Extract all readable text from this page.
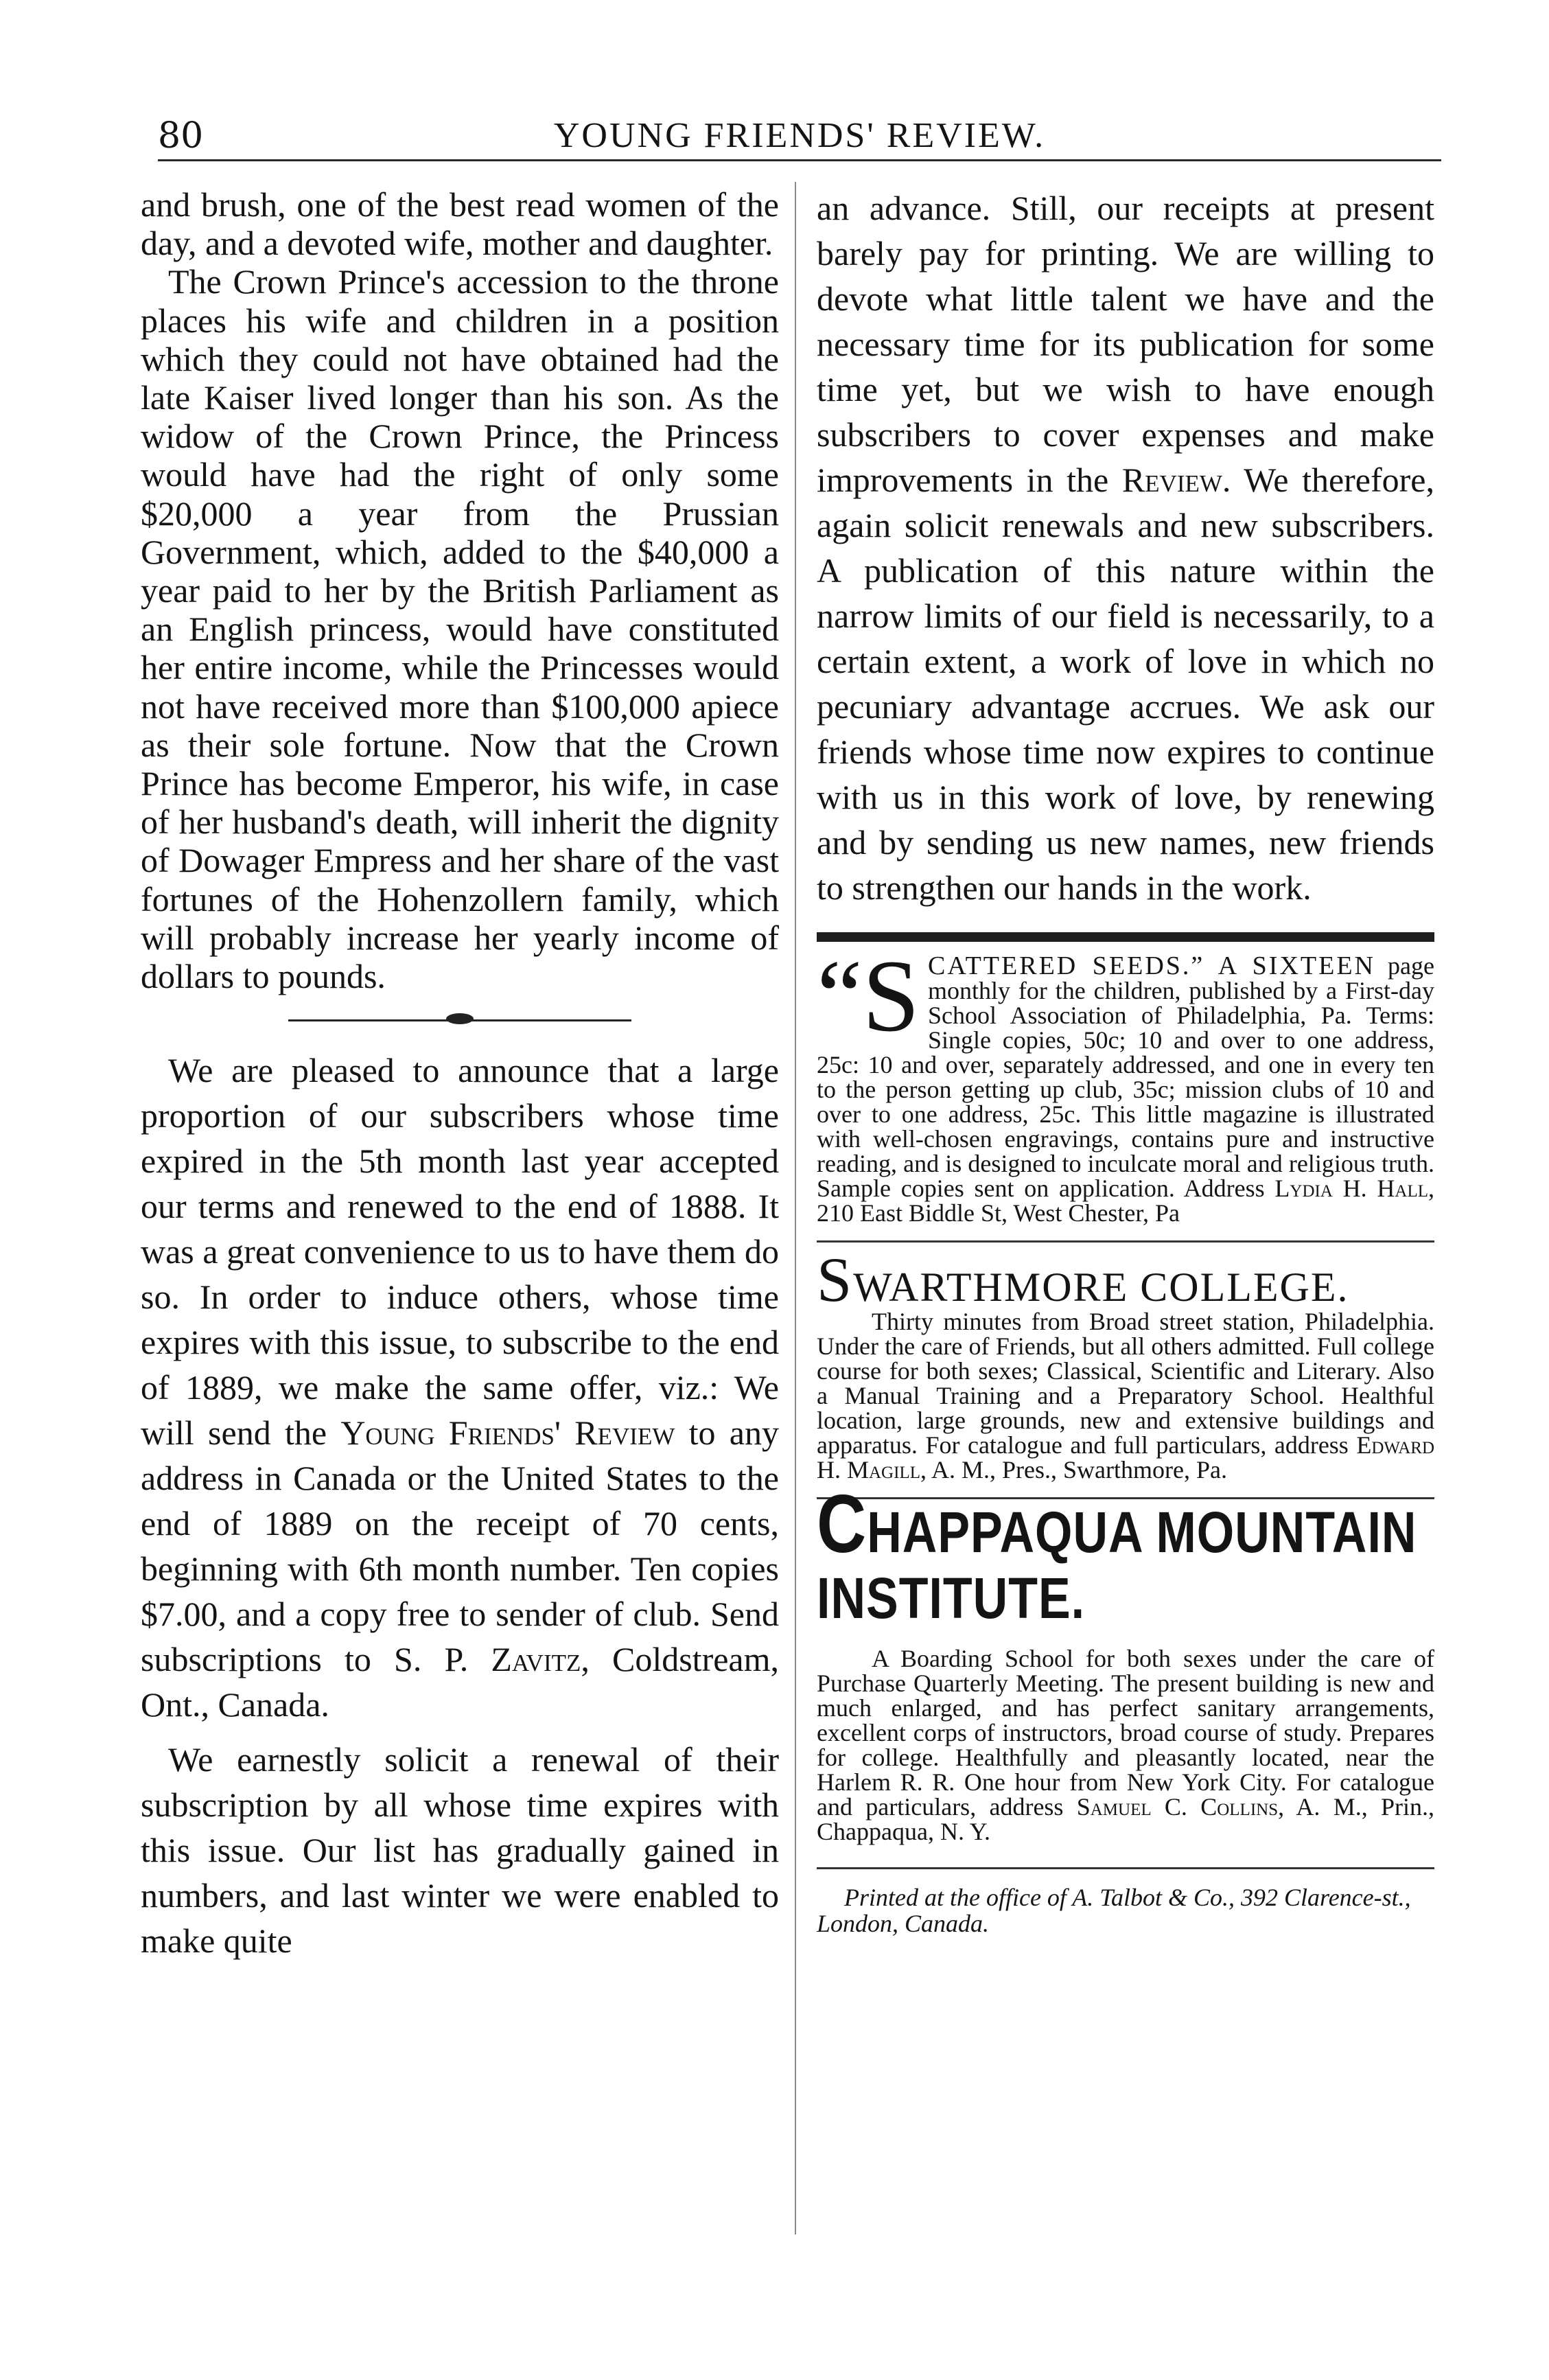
80	YOUNG FRIENDS' REVIEW.

and brush, one of the best read women of the day, and a devoted wife, mother and daughter.

The Crown Prince's accession to the throne places his wife and children in a position which they could not have obtained had the late Kaiser lived longer than his son. As the widow of the Crown Prince, the Princess would have had the right of only some $20,000 a year from the Prussian Government, which, added to the $40,000 a year paid to her by the British Parliament as an English princess, would have constituted her entire income, while the Princesses would not have received more than $100,000 apiece as their sole fortune. Now that the Crown Prince has become Emperor, his wife, in case of her husband's death, will inherit the dignity of Dowager Empress and her share of the vast fortunes of the Hohenzollern family, which will probably increase her yearly income of dollars to pounds.

We are pleased to announce that a large proportion of our subscribers whose time expired in the 5th month last year accepted our terms and renewed to the end of 1888. It was a great convenience to us to have them do so. In order to induce others, whose time expires with this issue, to subscribe to the end of 1889, we make the same offer, viz.: We will send the Young Friends' Review to any address in Canada or the United States to the end of 1889 on the receipt of 70 cents, beginning with 6th month number. Ten copies $7.00, and a copy free to sender of club. Send subscriptions to S. P. Zavitz, Coldstream, Ont., Canada.

We earnestly solicit a renewal of their subscription by all whose time expires with this issue. Our list has gradually gained in numbers, and last winter we were enabled to make quite

an advance. Still, our receipts at present barely pay for printing. We are willing to devote what little talent we have and the necessary time for its publication for some time yet, but we wish to have enough subscribers to cover expenses and make improvements in the Review. We therefore, again solicit renewals and new subscribers. A publication of this nature within the narrow limits of our field is necessarily, to a certain extent, a work of love in which no pecuniary advantage accrues. We ask our friends whose time now expires to continue with us in this work of love, by renewing and by sending us new names, new friends to strengthen our hands in the work.

“S CATTERED SEEDS.” A SIXTEEN page monthly for the children, published by a First-day School Association of Philadelphia, Pa. Terms: Single copies, 50c; 10 and over to one address, 25c: 10 and over, separately addressed, and one in every ten to the person getting up club, 35c; mission clubs of 10 and over to one address, 25c. This little magazine is illustrated with well-chosen engravings, contains pure and instructive reading, and is designed to inculcate moral and religious truth. Sample copies sent on application. Address Lydia H. Hall, 210 East Biddle St, West Chester, Pa

SWARTHMORE COLLEGE.

Thirty minutes from Broad street station, Philadelphia. Under the care of Friends, but all others admitted. Full college course for both sexes; Classical, Scientific and Literary. Also a Manual Training and a Preparatory School. Healthful location, large grounds, new and extensive buildings and apparatus. For catalogue and full particulars, address Edward H. Magill, A. M., Pres., Swarthmore, Pa.

CHAPPAQUA MOUNTAIN INSTITUTE.

A Boarding School for both sexes under the care of Purchase Quarterly Meeting. The present building is new and much enlarged, and has perfect sanitary arrangements, excellent corps of instructors, broad course of study. Prepares for college. Healthfully and pleasantly located, near the Harlem R. R. One hour from New York City. For catalogue and particulars, address Samuel C. Collins, A. M., Prin., Chappaqua, N. Y.

Printed at the office of A. Talbot & Co., 392 Clarence-st., London, Canada.
